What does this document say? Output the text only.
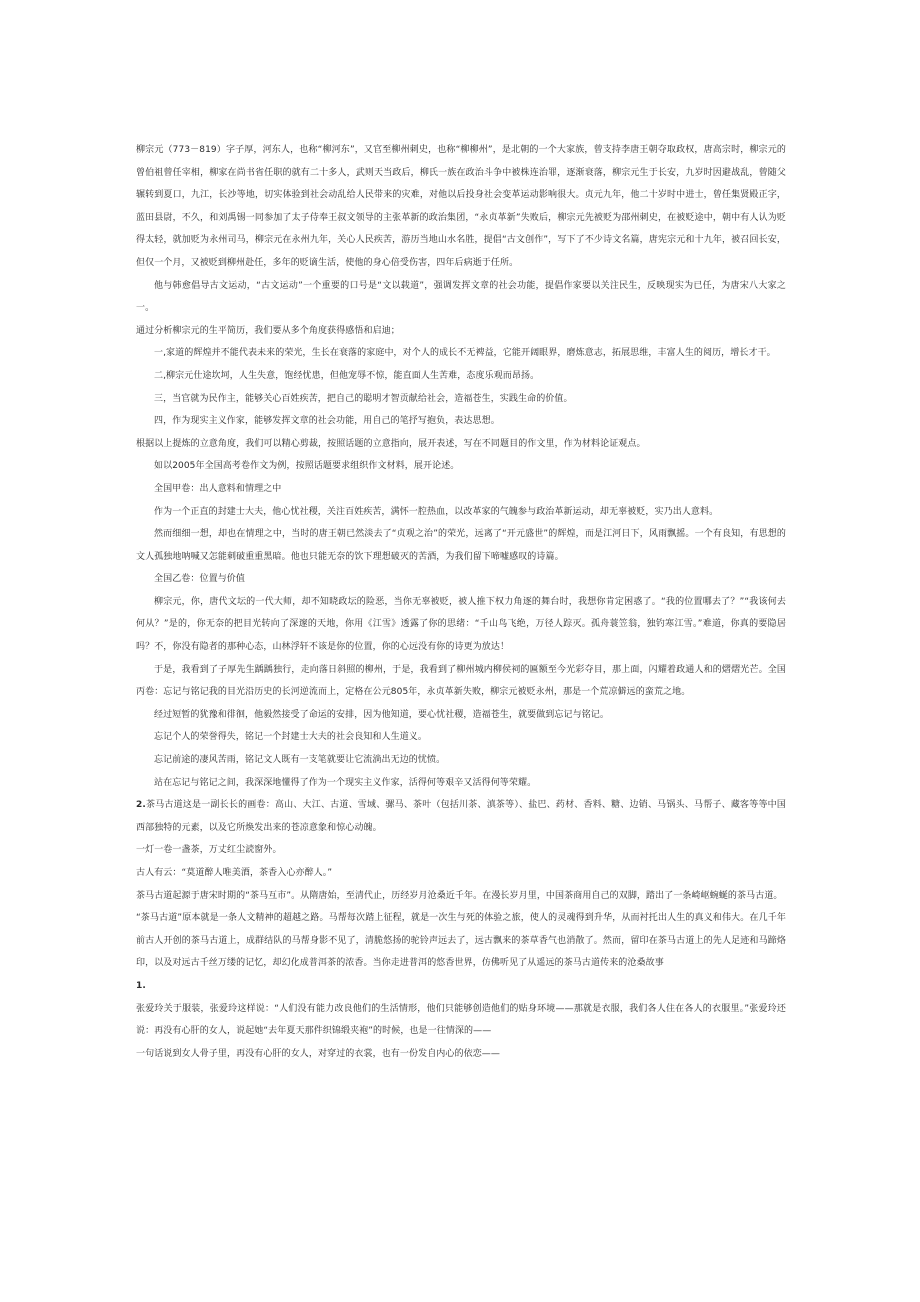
柳宗元（773－819）字子厚，河东人，也称“柳河东”，又官至柳州刺史，也称“柳柳州”，是北朝的一个大家族，曾支持李唐王朝夺取政权，唐高宗时，柳宗元的曾伯祖曾任宰相，柳家在尚书省任职的就有二十多人，武则天当政后，柳氏一族在政治斗争中被株连治罪，逐渐衰落，柳宗元生于长安，九岁时因避战乱，曾随父辗转到夏口，九江，长沙等地，切实体验到社会动乱给人民带来的灾难，对他以后投身社会变革运动影响很大。贞元九年，他二十岁时中进士，曾任集贤殿正字，蓝田县尉，不久，和刘禹锡一同参加了太子侍奉王叔文领导的主张革新的政治集团，“永贞革新”失败后，柳宗元先被贬为邵州刺史，在被贬途中，朝中有人认为贬得太轻，就加贬为永州司马，柳宗元在永州九年，关心人民疾苦，游历当地山水名胜，提倡“古文创作”，写下了不少诗文名篇，唐宪宗元和十九年，被召回长安，但仅一个月，又被贬到柳州赴任，多年的贬谪生活，使他的身心倍受伤害，四年后病逝于任所。

他与韩愈倡导古文运动，“古文运动”一个重要的口号是“文以载道”，强调发挥文章的社会功能，提倡作家要以关注民生，反映现实为已任，为唐宋八大家之一。

通过分析柳宗元的生平简历，我们要从多个角度获得感悟和启迪；

一,家道的辉煌并不能代表未来的荣光，生长在衰落的家庭中，对个人的成长不无裨益，它能开阔眼界，磨炼意志，拓展思维，丰富人生的阅历，增长才干。

二,柳宗元仕途坎坷，人生失意，饱经忧患，但他宠辱不惊，能直面人生苦难，态度乐观而昂扬。

三，当官就为民作主，能够关心百姓疾苦，把自己的聪明才智贡献给社会，造福苍生，实践生命的价值。

四，作为现实主义作家，能够发挥文章的社会功能，用自己的笔抒写抱负，表达思想。

根据以上提炼的立意角度，我们可以精心剪裁，按照话题的立意指向，展开表述，写在不同题目的作文里，作为材料论证观点。

如以2005年全国高考卷作文为例，按照话题要求组织作文材料，展开论述。

全国甲卷：出人意料和情理之中

作为一个正直的封建士大夫，他心忧社稷，关注百姓疾苦，满怀一腔热血，以改革家的气魄参与政治革新运动，却无辜被贬，实乃出人意料。

然而细细一想，却也在情理之中，当时的唐王朝已然淡去了“贞观之治”的荣光，远离了“开元盛世”的辉煌，而是江河日下，风雨飘摇。一个有良知，有思想的文人孤独地呐喊又怎能刺破重重黑暗。他也只能无奈的饮下理想破灭的苦酒，为我们留下啼嘘感叹的诗篇。

全国乙卷：位置与价值

柳宗元，你，唐代文坛的一代大师，却不知晓政坛的险恶，当你无辜被贬，被人推下权力角逐的舞台时，我想你肯定困惑了。“我的位置哪去了？”“我该何去何从？”是的，你无奈的把目光转向了深邃的天地，你用《江雪》透露了你的思绪：“千山鸟飞绝，万径人踪灭。孤舟蓑笠翁，独钓寒江雪。”难道，你真的要隐居吗？不，你没有隐者的那种心态，山林浮轩不该是你的位置，你的心远没有你的诗更为放达！

于是，我看到了子厚先生踽踽独行，走向落日斜照的柳州，于是，我看到了柳州城内柳侯祠的匾额至今光彩夺目，那上面，闪耀着政通人和的熠熠光芒。全国丙卷：忘记与铭记我的目光沿历史的长河逆流而上，定格在公元805年，永贞革新失败，柳宗元被贬永州，那是一个荒凉僻远的蛮荒之地。

经过短暂的犹豫和徘徊，他毅然接受了命运的安排，因为他知道，要心忧社稷，造福苍生，就要做到忘记与铭记。

忘记个人的荣誉得失，铭记一个封建士大夫的社会良知和人生道义。

忘记前途的凄风苦雨，铭记文人既有一支笔就要让它流淌出无边的忧愤。

站在忘记与铭记之间，我深深地懂得了作为一个现实主义作家，活得何等艰辛又活得何等荣耀。

2.茶马古道这是一副长长的画卷：高山、大江、古道、雪域、骡马、茶叶（包括川茶、滇茶等）、盐巴、药材、香料、糖、边销、马锅头、马帮子、藏客等等中国西部独特的元素，以及它所焕发出来的苍凉意象和惊心动魄。

一灯一卷一盏茶，万丈红尘読窗外。

古人有云：“莫道醉人唯美酒，茶香入心亦醉人。”

茶马古道起源于唐宋时期的“茶马互市”。从隋唐始，至清代止，历经岁月沧桑近千年。在漫长岁月里，中国茶商用自己的双脚，踏出了一条崎岖蜿蜒的茶马古道。

“茶马古道”原本就是一条人文精神的超越之路。马帮每次踏上征程，就是一次生与死的体验之旅，使人的灵魂得到升华，从而衬托出人生的真义和伟大。在几千年前古人开创的茶马古道上，成群结队的马帮身影不见了，清脆悠扬的驼铃声远去了，远古飘来的茶草香气也消散了。然而，留印在茶马古道上的先人足迹和马蹄烙印，以及对远古千丝万缕的记忆，却幻化成普洱茶的浓香。当你走进普洱的悠香世界，仿佛听见了从遥远的茶马古道传来的沧桑故事

1.

张爱玲关于服装，张爱玲这样说：“人们没有能力改良他们的生活情形，他们只能够创造他们的贴身环境——那就是衣服，我们各人住在各人的衣服里。”张爱玲还说：再没有心肝的女人，说起她“去年夏天那件织锦缎夹袍”的时候，也是一往情深的——

一句话说到女人骨子里，再没有心肝的女人，对穿过的衣裳，也有一份发自内心的依恋——
